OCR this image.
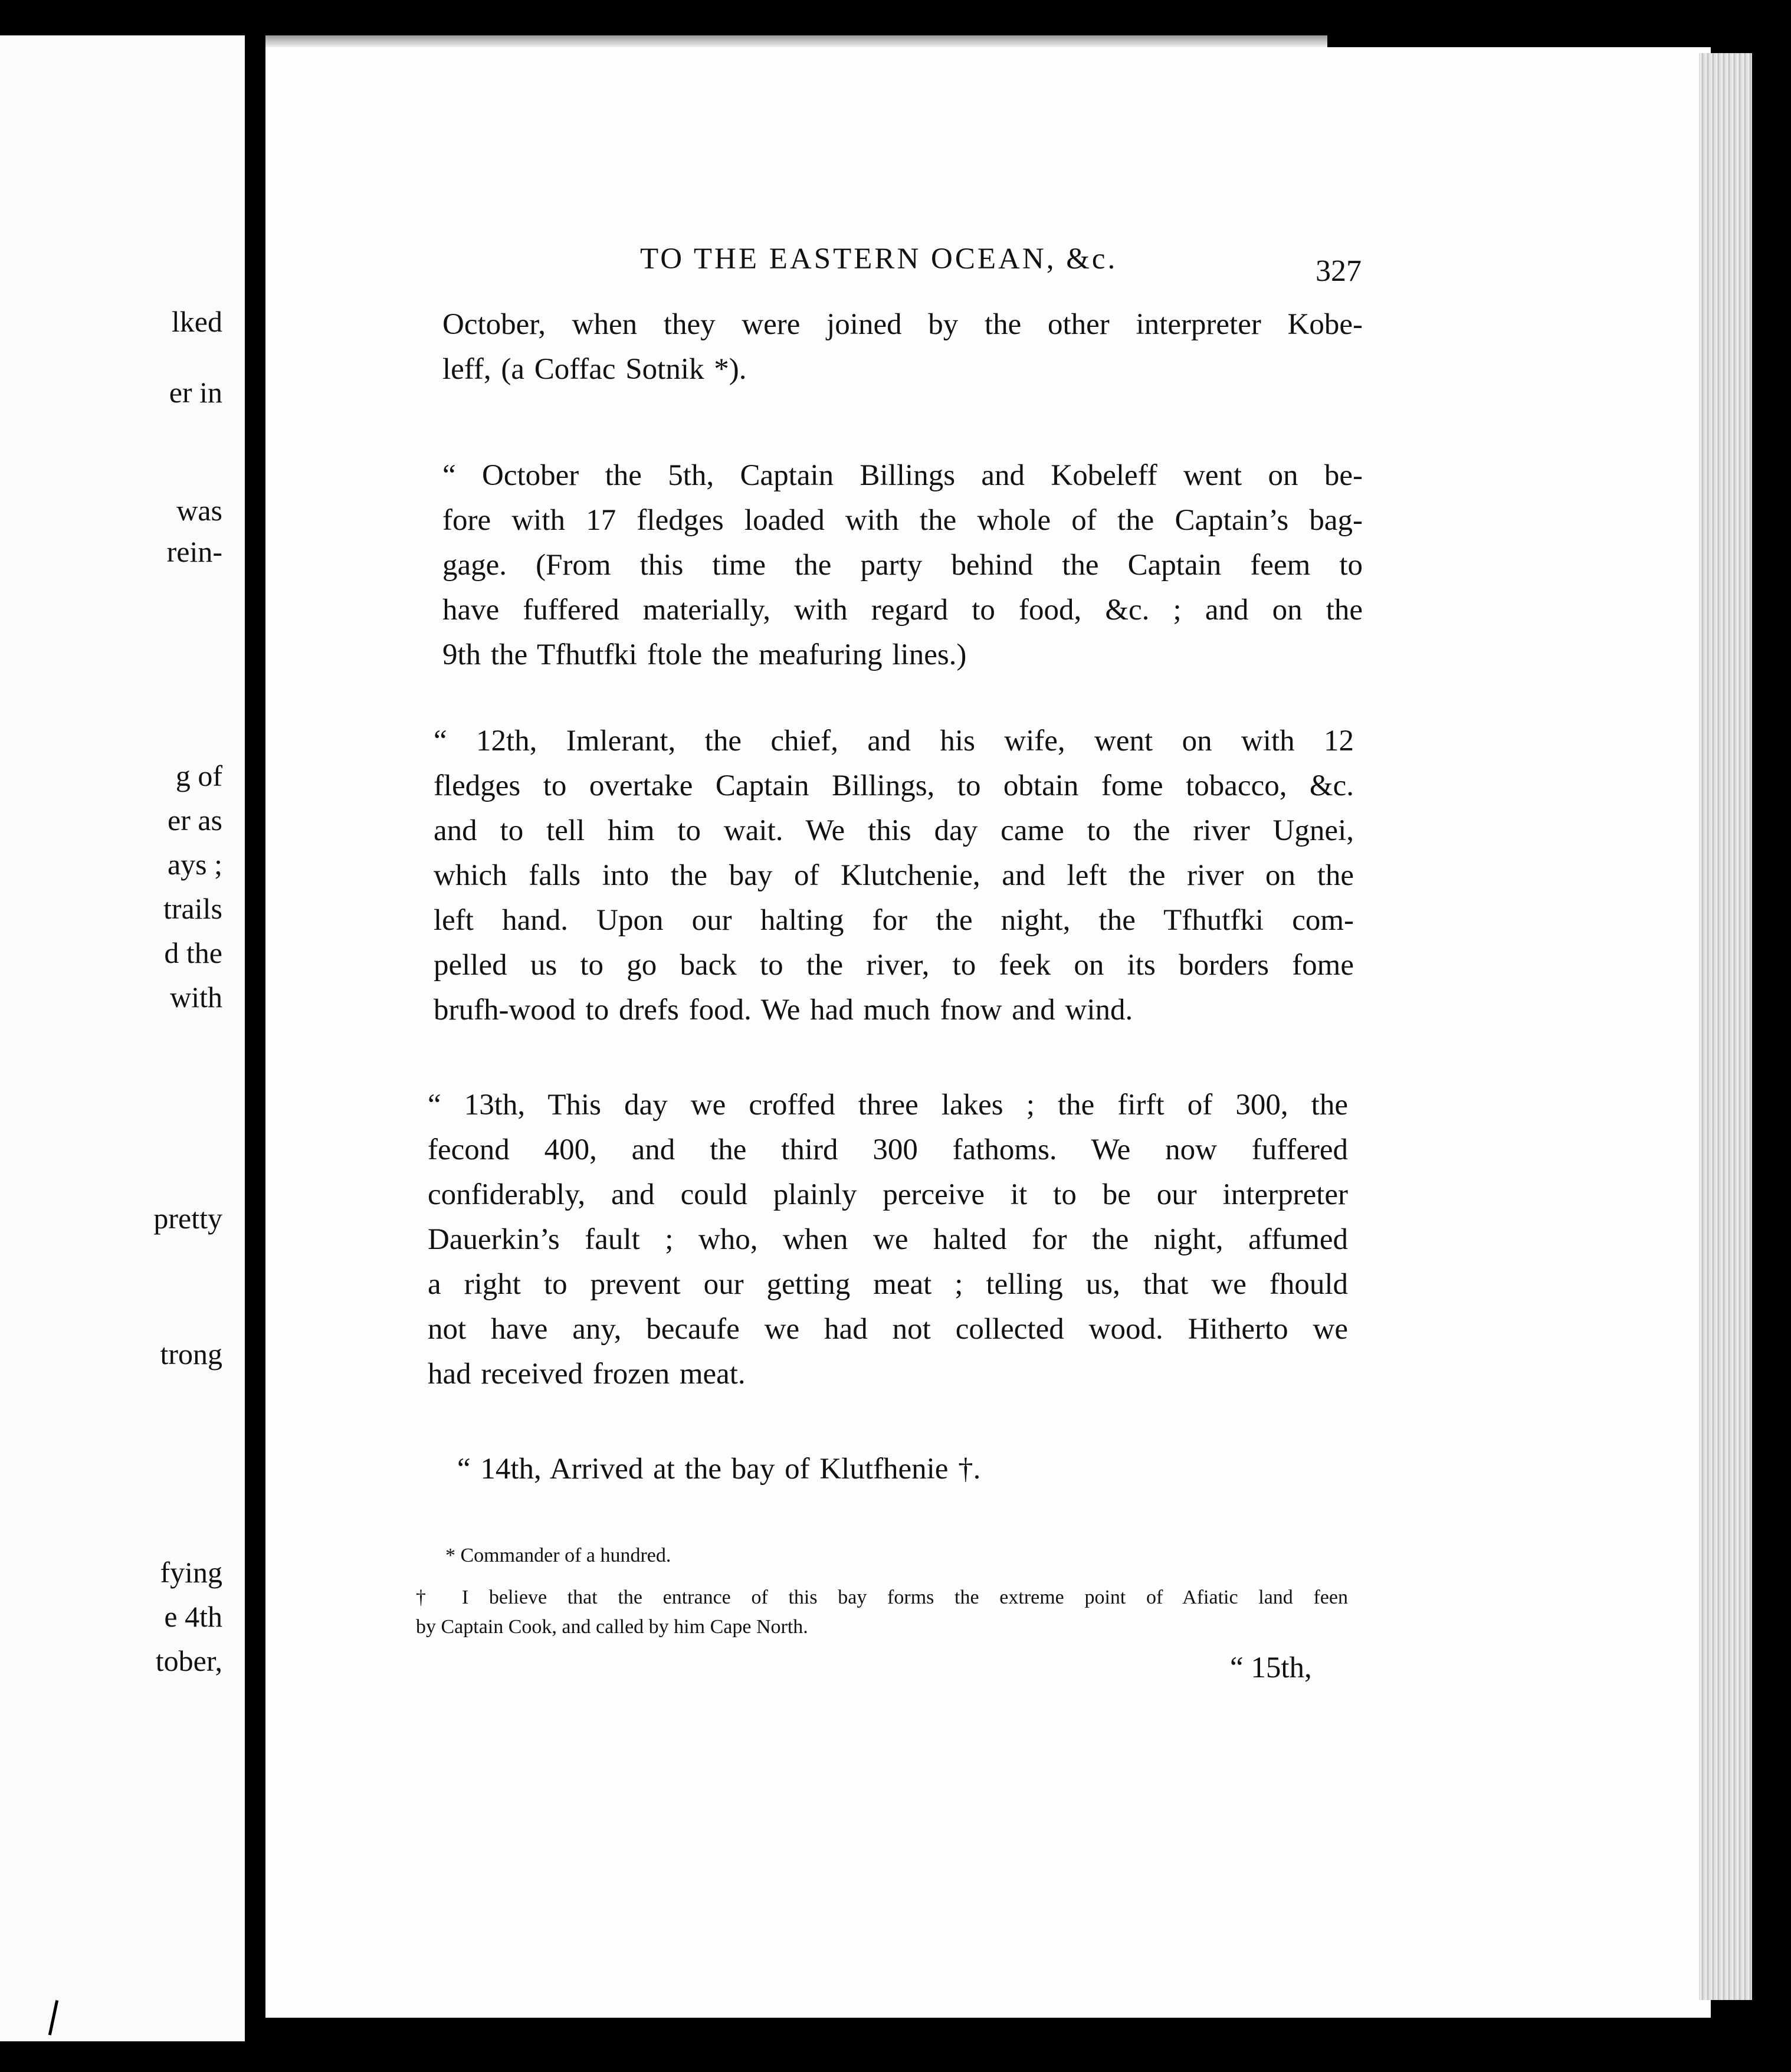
lked
er in
was
rein-
g of
er as
ays ;
trails
d the
with
pretty
trong
fying
e 4th
tober,
TO THE EASTERN OCEAN, &c.	327
October, when they were joined by the other interpreter Kobe-
leff, (a Coffac Sotnik *).
“ October the 5th, Captain Billings and Kobeleff went on be-
fore with 17 fledges loaded with the whole of the Captain’s bag-
gage. (From this time the party behind the Captain feem to
have fuffered materially, with regard to food, &c. ; and on the
9th the Tfhutfki ftole the meafuring lines.)
“ 12th, Imlerant, the chief, and his wife, went on with 12
fledges to overtake Captain Billings, to obtain fome tobacco, &c.
and to tell him to wait. We this day came to the river Ugnei,
which falls into the bay of Klutchenie, and left the river on the
left hand. Upon our halting for the night, the Tfhutfki com-
pelled us to go back to the river, to feek on its borders fome
brufh-wood to drefs food. We had much fnow and wind.
“ 13th, This day we croffed three lakes ; the firft of 300, the
fecond 400, and the third 300 fathoms. We now fuffered
confiderably, and could plainly perceive it to be our interpreter
Dauerkin’s fault ; who, when we halted for the night, affumed
a right to prevent our getting meat ; telling us, that we fhould
not have any, becaufe we had not collected wood. Hitherto we
had received frozen meat.
“ 14th, Arrived at the bay of Klutfhenie †.
* Commander of a hundred.
† I believe that the entrance of this bay forms the extreme point of Afiatic land feen
by Captain Cook, and called by him Cape North.
“ 15th,
